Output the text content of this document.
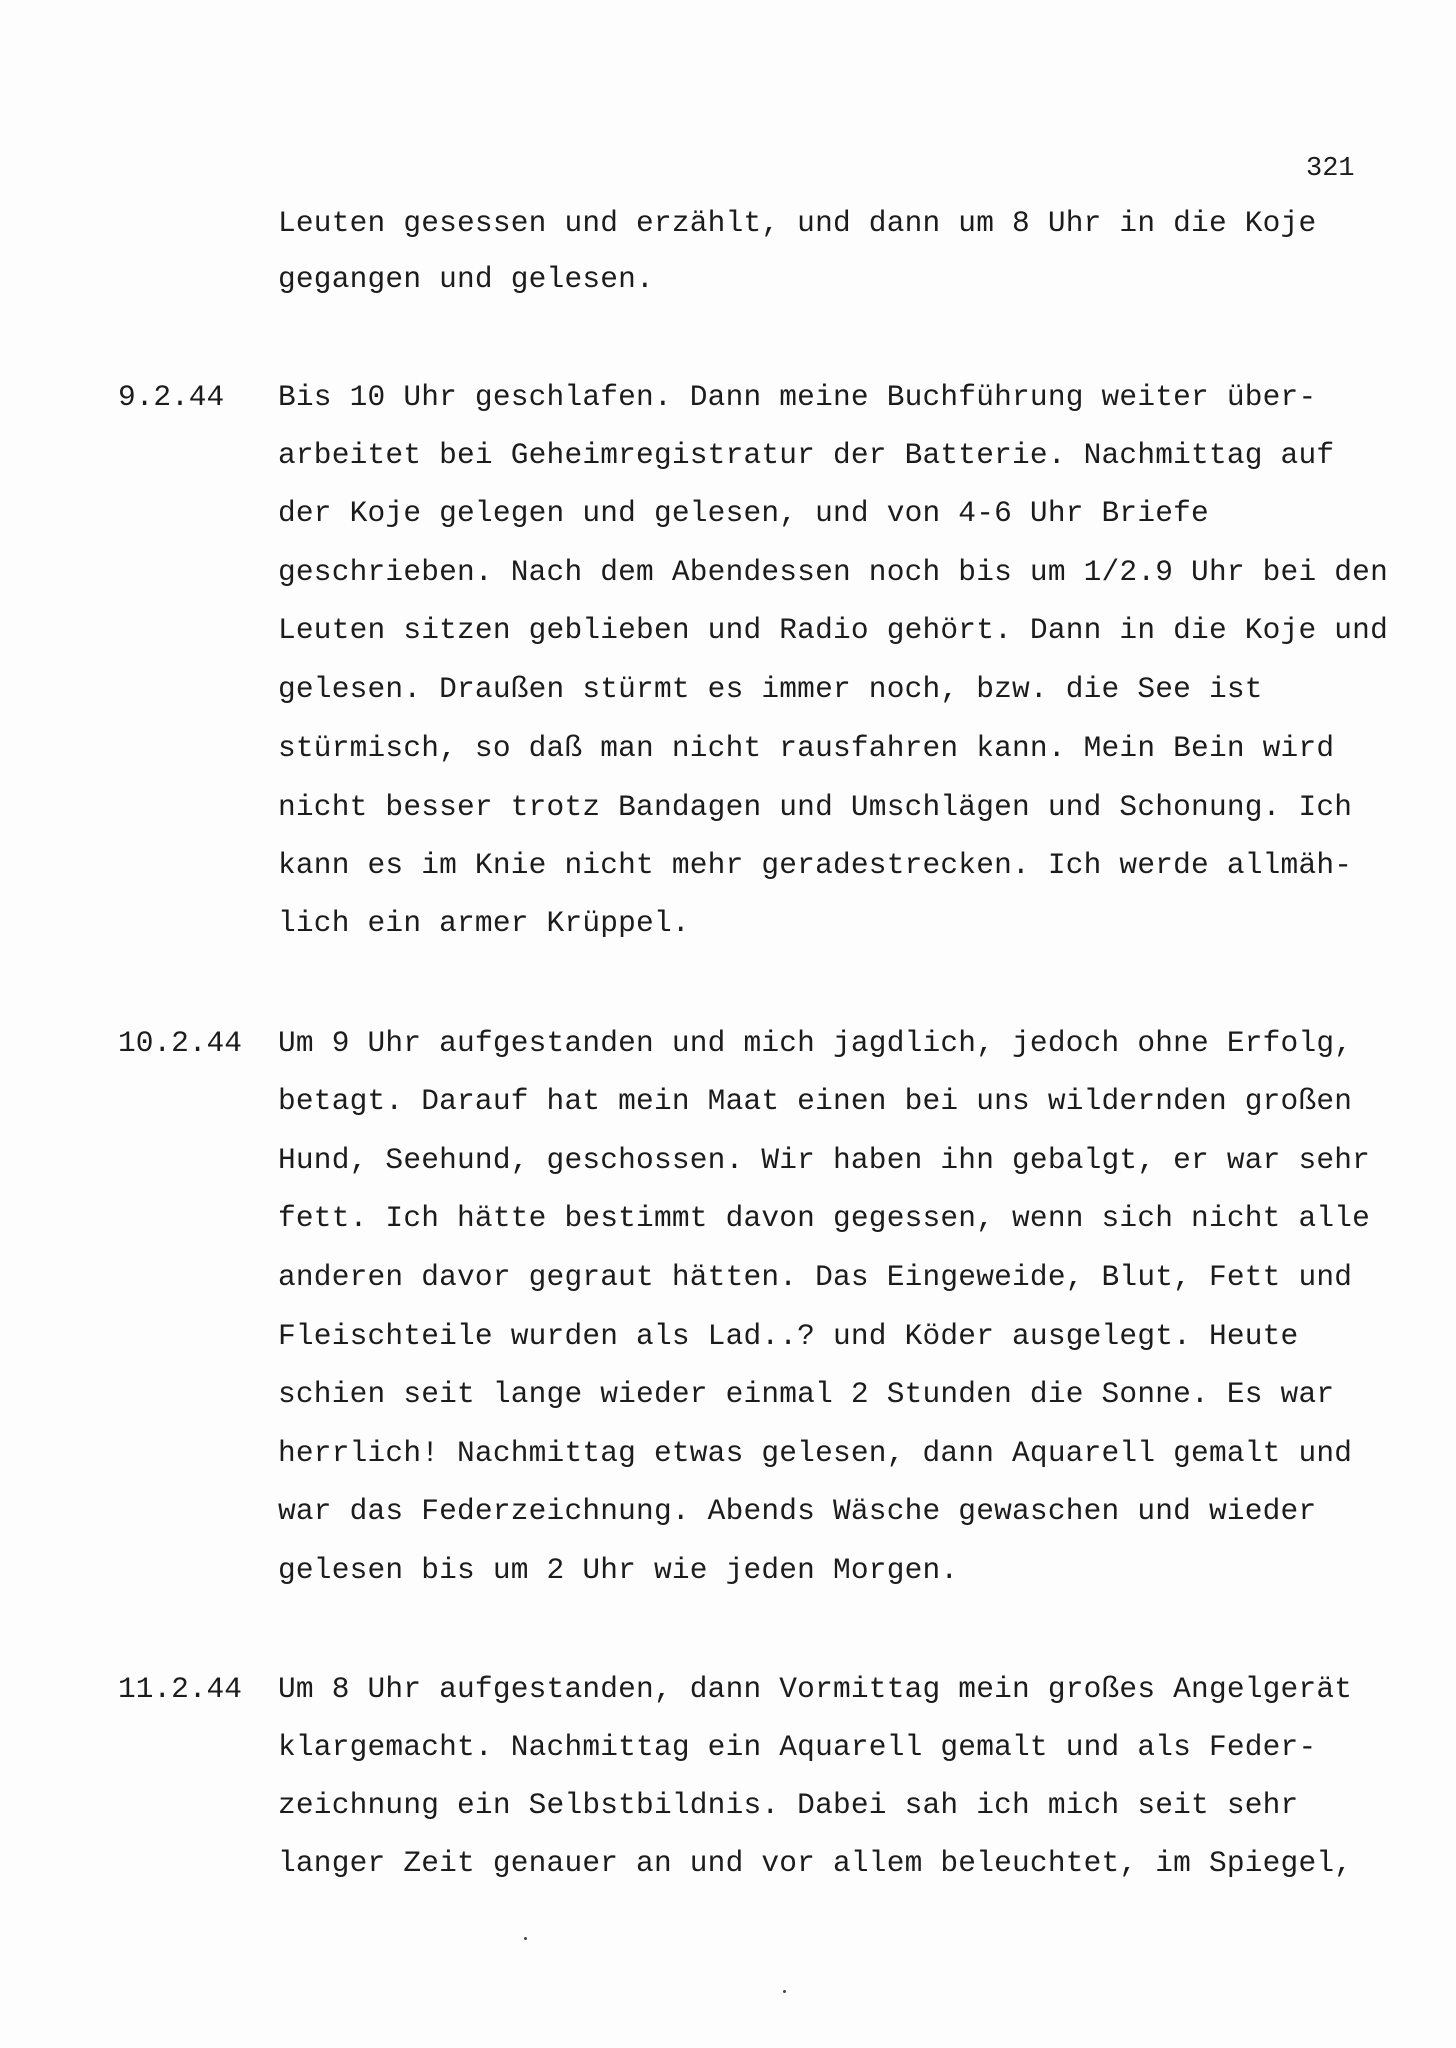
321
Leuten gesessen und erzählt, und dann um 8 Uhr in die Koje
gegangen und gelesen.
9.2.44 Bis 10 Uhr geschlafen. Dann meine Buchführung weiter über-
arbeitet bei Geheimregistratur der Batterie. Nachmittag auf
der Koje gelegen und gelesen, und von 4-6 Uhr Briefe
geschrieben. Nach dem Abendessen noch bis um 1/2.9 Uhr bei den
Leuten sitzen geblieben und Radio gehört. Dann in die Koje und
gelesen. Draußen stürmt es immer noch, bzw. die See ist
stürmisch, so daß man nicht rausfahren kann. Mein Bein wird
nicht besser trotz Bandagen und Umschlägen und Schonung. Ich
kann es im Knie nicht mehr geradestrecken. Ich werde allmäh-
lich ein armer Krüppel.
10.2.44 Um 9 Uhr aufgestanden und mich jagdlich, jedoch ohne Erfolg,
betagt. Darauf hat mein Maat einen bei uns wildernden großen
Hund, Seehund, geschossen. Wir haben ihn gebalgt, er war sehr
fett. Ich hätte bestimmt davon gegessen, wenn sich nicht alle
anderen davor gegraut hätten. Das Eingeweide, Blut, Fett und
Fleischteile wurden als Lad..? und Köder ausgelegt. Heute
schien seit lange wieder einmal 2 Stunden die Sonne. Es war
herrlich! Nachmittag etwas gelesen, dann Aquarell gemalt und
war das Federzeichnung. Abends Wäsche gewaschen und wieder
gelesen bis um 2 Uhr wie jeden Morgen.
11.2.44 Um 8 Uhr aufgestanden, dann Vormittag mein großes Angelgerät
klargemacht. Nachmittag ein Aquarell gemalt und als Feder-
zeichnung ein Selbstbildnis. Dabei sah ich mich seit sehr
langer Zeit genauer an und vor allem beleuchtet, im Spiegel,
